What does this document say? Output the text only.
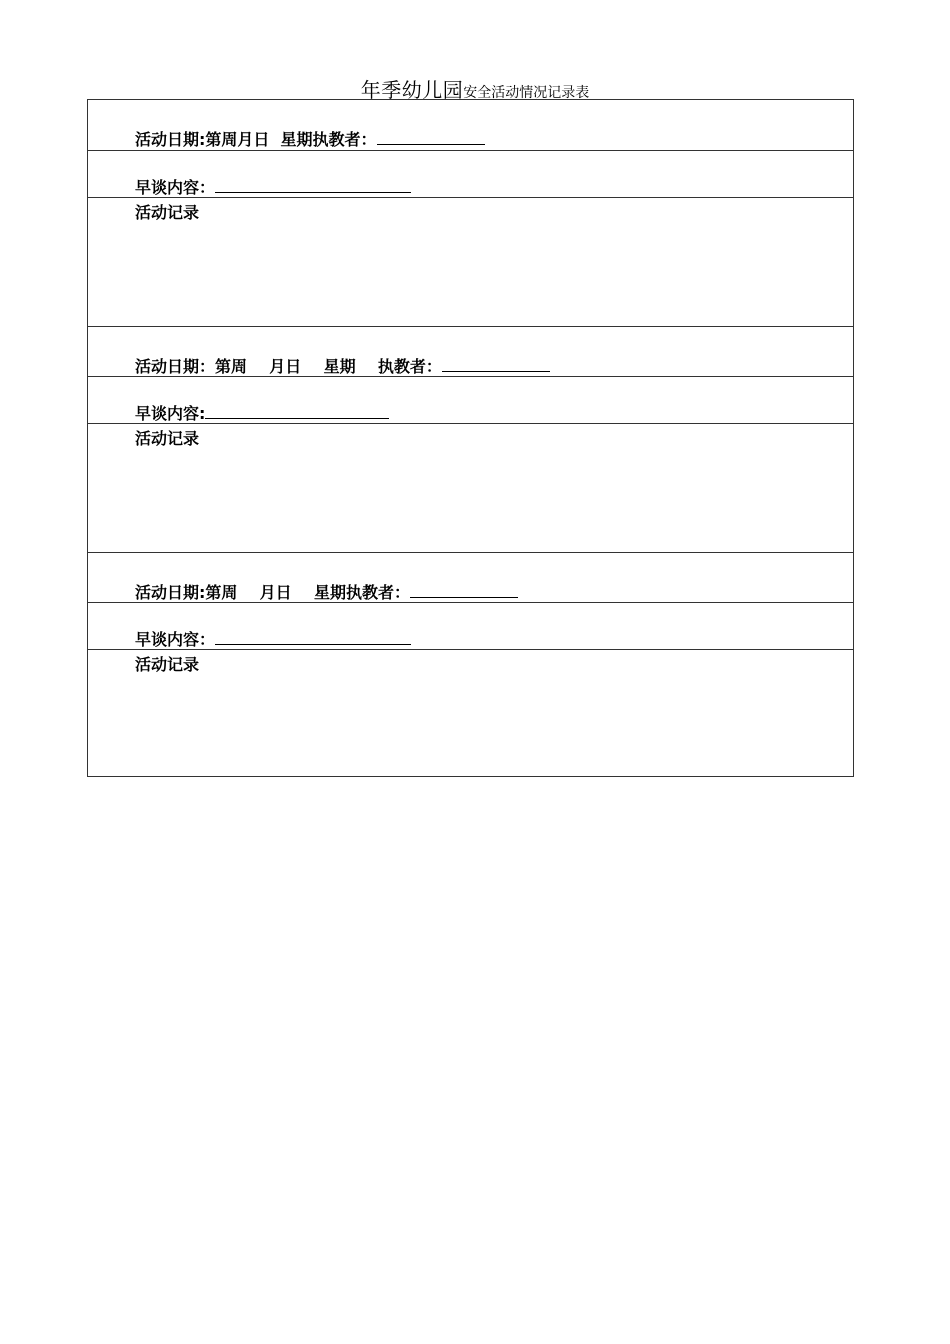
年季幼儿园安全活动情况记录表
活动日期:第周月日  星期执教者：
早谈内容：
活动记录
活动日期：第周    月日    星期    执教者：
早谈内容:
活动记录
活动日期:第周    月日    星期执教者：
早谈内容：
活动记录
